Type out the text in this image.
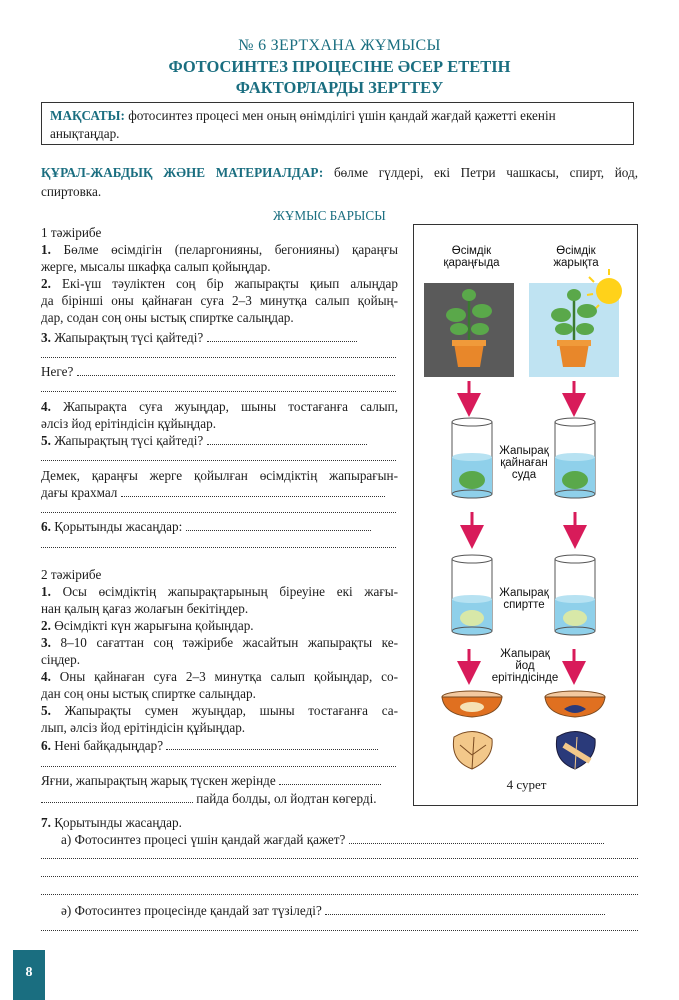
№ 6 ЗЕРТХАНА ЖҰМЫСЫ
ФОТОСИНТЕЗ ПРОЦЕСІНЕ ӘСЕР ЕТЕТІН
ФАКТОРЛАРДЫ ЗЕРТТЕУ
МАҚСАТЫ: фотосинтез процесі мен оның өнімділігі үшін қандай жағдай қажетті екенін
анықтаңдар.
ҚҰРАЛ-ЖАБДЫҚ ЖӘНЕ МАТЕРИАЛДАР: бөлме гүлдері, екі Петри чашкасы, спирт, йод,
спиртовка.
ЖҰМЫС БАРЫСЫ
1 тәжірибе
1. Бөлме өсімдігін (пеларгонияны, бегонияны) қараңғы
жерге, мысалы шкафқа салып қойыңдар.
2. Екі-үш тәуліктен соң бір жапырақты қиып алыңдар
да бірінші оны қайнаған суға 2–3 минутқа салып қойың-
дар, содан соң оны ыстық спиртке салыңдар.
3. Жапырақтың түсі қайтеді?
Неге?
4. Жапырақта суға жуыңдар, шыны тостағанға салып,
әлсіз йод ерітіндісін құйыңдар.
5. Жапырақтың түсі қайтеді?
Демек, қараңғы жерге қойылған өсімдіктің жапырағын-
дағы крахмал
6. Қорытынды жасаңдар:
2 тәжірибе
1. Осы өсімдіктің жапырақтарының біреуіне екі жағы-
нан қалың қағаз жолағын бекітіңдер.
2. Өсімдікті күн жарығына қойыңдар.
3. 8–10 сағаттан соң тәжірибе жасайтын жапырақты ке-
сіңдер.
4. Оны қайнаған суға 2–3 минутқа салып қойыңдар, со-
дан соң оны ыстық спиртке салыңдар.
5. Жапырақты сумен жуыңдар, шыны тостағанға са-
лып, әлсіз йод ерітіндісін құйыңдар.
6. Нені байқадыңдар?
Яғни, жапырақтың жарық түскен жерінде
пайда болды, ол йодтан көгерді.
Өсімдік
қараңғыда
Өсімдік
жарықта
Жапырақ
қайнаған
суда
Жапырақ
спиртте
Жапырақ
йод
ерітіндісінде
4 сурет
7. Қорытынды жасаңдар.
а) Фотосинтез процесі үшін қандай жағдай қажет?
ә) Фотосинтез процесінде қандай зат түзіледі?
8
